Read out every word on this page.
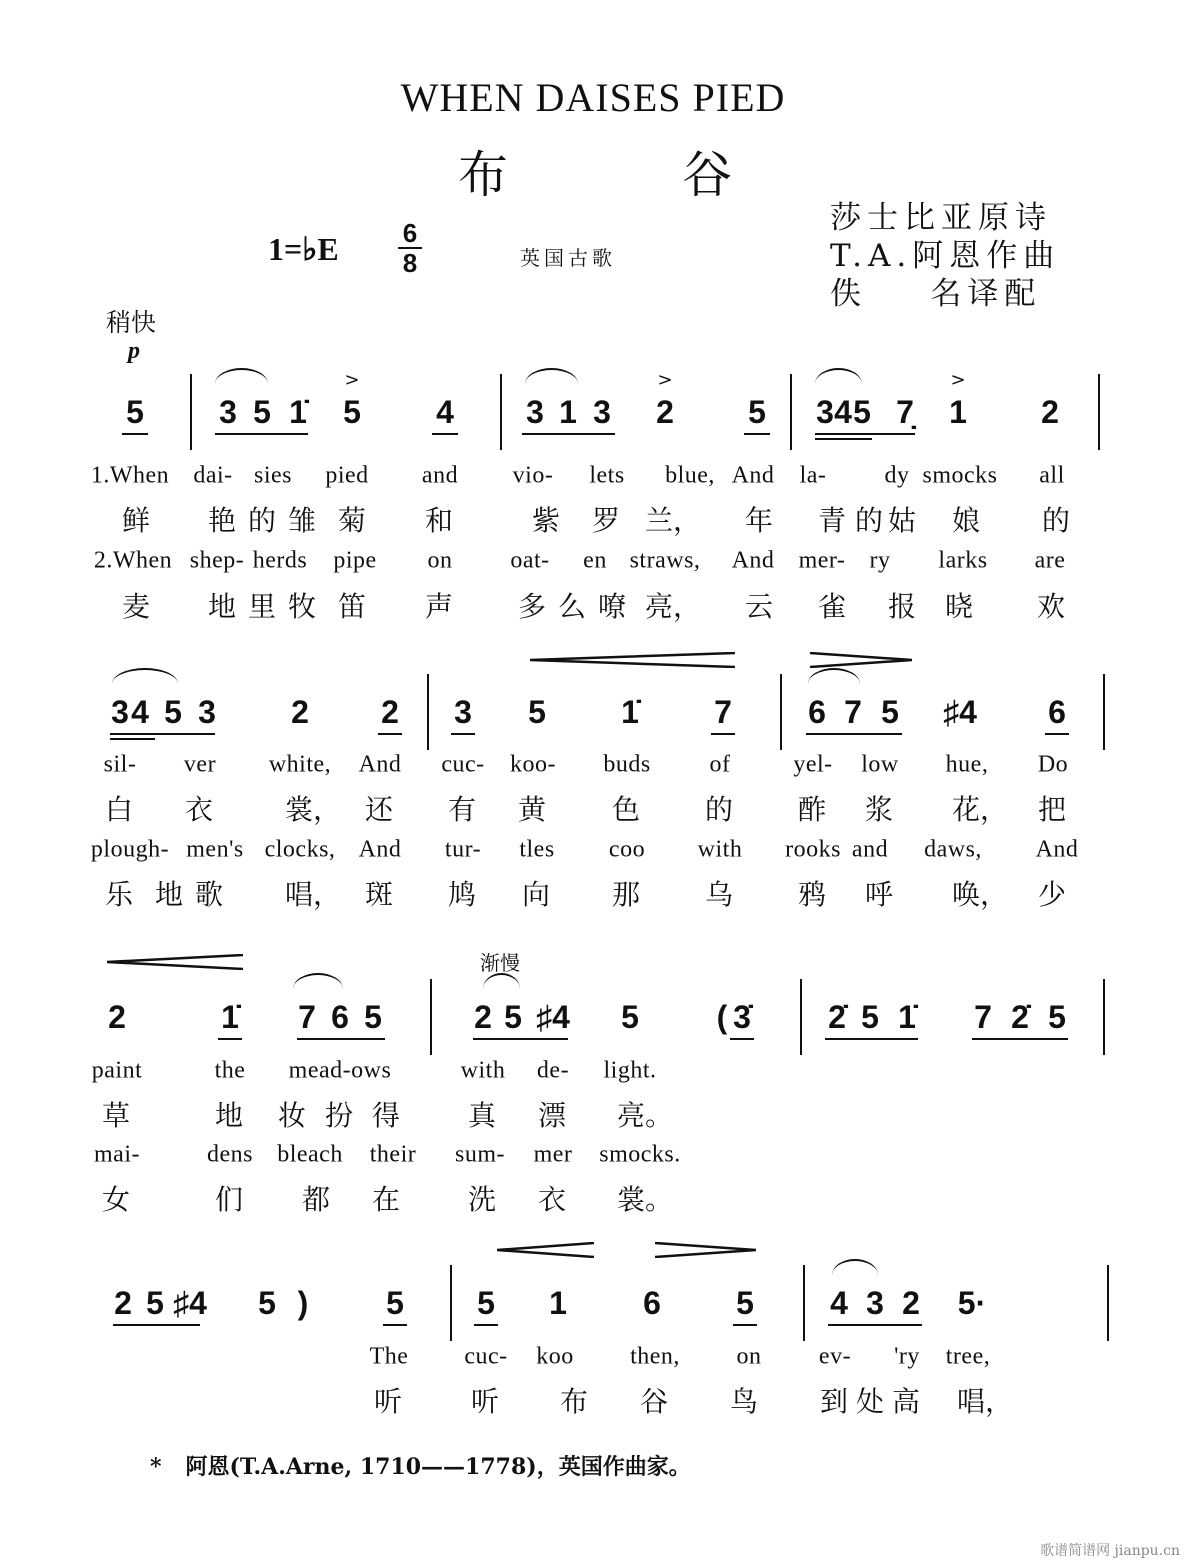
WHEN DAISES PIED
布	谷
1=♭E 6
8	英国古歌
莎士比亚原诗
T.A.阿恩作曲
佚    名译配
稍快
p
渐慢
5 3 5 1̇ 5 4 3 1 3 2 5 3 4 5 7̣ 1 2
>	>	>
1.When dai- sies pied and vio- lets blue, And la- dy smocks all
鲜 艳 的 雏 菊 和	紫 罗 兰， 年 青 的 姑 娘 的
2.When shep- herds pipe on oat- en straws, And mer- ry larks are
麦 地 里 牧 笛 声 多 么 嘹 亮， 云 雀 报 晓 欢
3 4 5 3 2 2 3 5 1̇ 7 6 7 5 ♯4 6
sil- ver white, And cuc- koo- buds of	yel- low hue, Do
白 衣	裳， 还 有 黄 色 的 酢 浆 花， 把
plough- men's clocks, And tur- tles coo with rooks and daws, And
乐 地 歌 唱， 斑 鸠 向 那 乌 鸦 呼 唤， 少
2	1̇ 7 6 5	2 5 ♯4 5 ( 3̇ 2̇ 5 1̇ 7 2̇ 5
paint	the mead-ows	with de- light.
草	地 妆 扮 得 真 漂 亮。
mai-	dens bleach their sum- mer smocks.
女	们 都 在 洗 衣 裳。
2 5 ♯4 5 ) 5 5 1 6 5 4 3 2 5·
The cuc- koo then, on ev- 'ry tree,
听 听 布 谷 鸟 到 处 高 唱，
* 阿恩(T.A.Arne, 1710——1778)，英国作曲家。
歌谱简谱网 jianpu.cn
